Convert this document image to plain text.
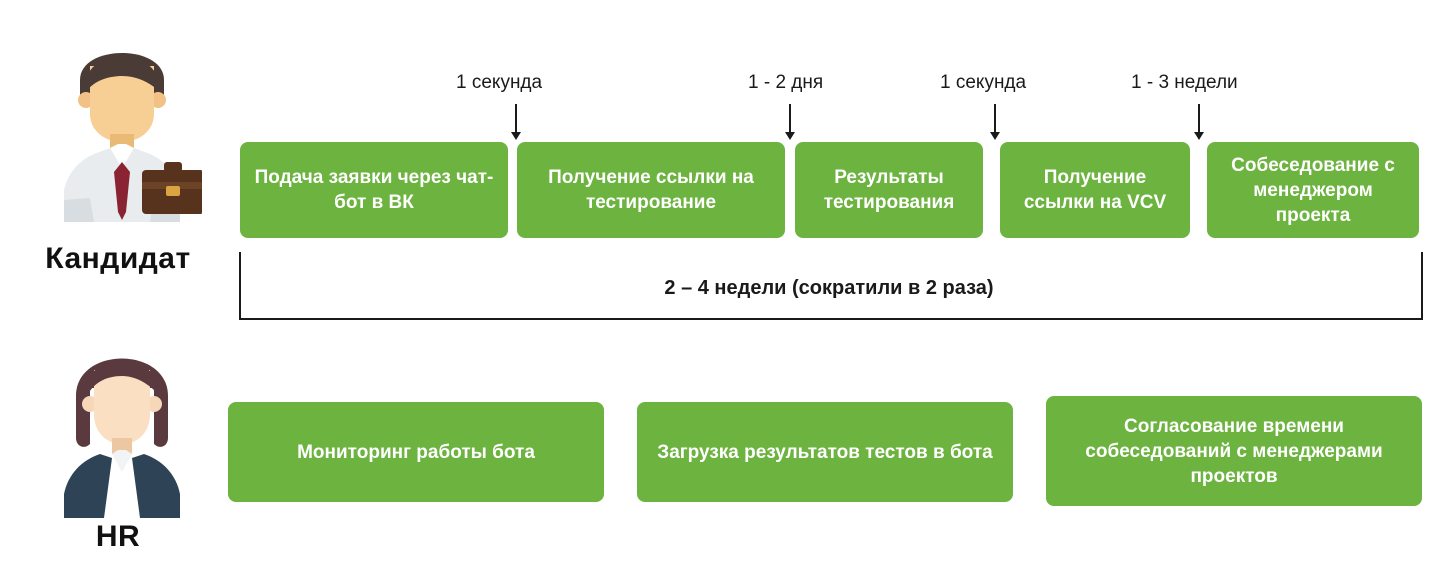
Кандидат
HR
1 секунда	1 - 2 дня	1 секунда	1 - 3 недели
Подача заявки через чат-бот в ВК
Получение ссылки на тестирование
Результаты тестирования
Получение ссылки на VCV
Собеседование с менеджером проекта
2 – 4 недели (сократили в 2 раза)
Мониторинг работы бота	Загрузка результатов тестов в бота
Согласование времени собеседований с менеджерами проектов
